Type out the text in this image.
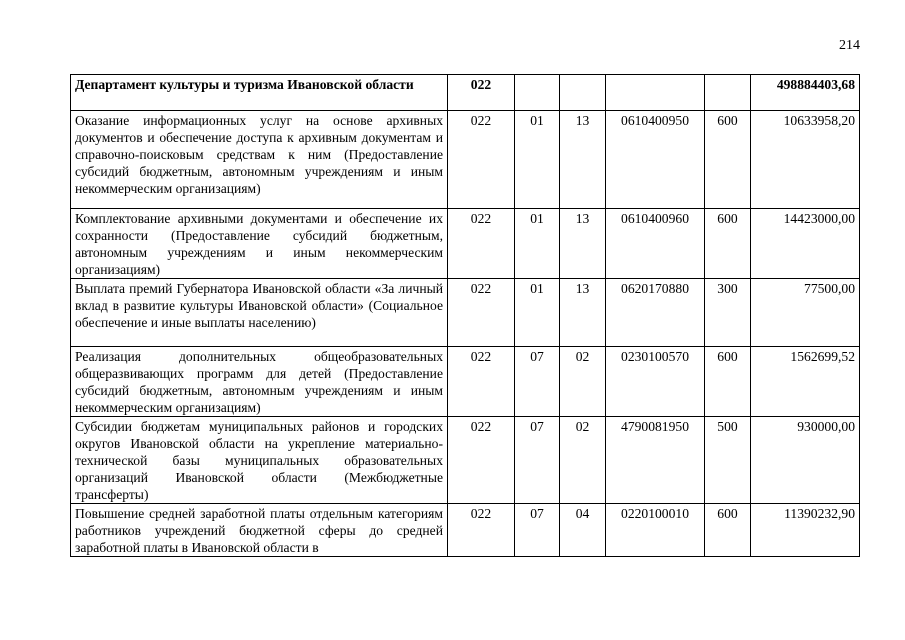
214
Департамент культуры и туризма Ивановской области	022					498884403,68
Оказание информационных услуг на основе архивных документов и обеспечение доступа к архивным документам и справочно-поисковым средствам к ним (Предоставление субсидий бюджетным, автономным учреждениям и иным некоммерческим организациям)	022	01	13	0610400950	600	10633958,20
Комплектование архивными документами и обеспечение их сохранности (Предоставление субсидий бюджетным, автономным учреждениям и иным некоммерческим организациям)	022	01	13	0610400960	600	14423000,00
Выплата премий Губернатора Ивановской области «За личный вклад в развитие культуры Ивановской области» (Социальное обеспечение и иные выплаты населению)	022	01	13	0620170880	300	77500,00
Реализация дополнительных общеобразовательных общеразвивающих программ для детей (Предоставление субсидий бюджетным, автономным учреждениям и иным некоммерческим организациям)	022	07	02	0230100570	600	1562699,52
Субсидии бюджетам муниципальных районов и городских округов Ивановской области на укрепление материально-технической базы муниципальных образовательных организаций Ивановской области (Межбюджетные трансферты)	022	07	02	4790081950	500	930000,00
Повышение средней заработной платы отдельным категориям работников учреждений бюджетной сферы до средней заработной платы в Ивановской области в	022	07	04	0220100010	600	11390232,90
